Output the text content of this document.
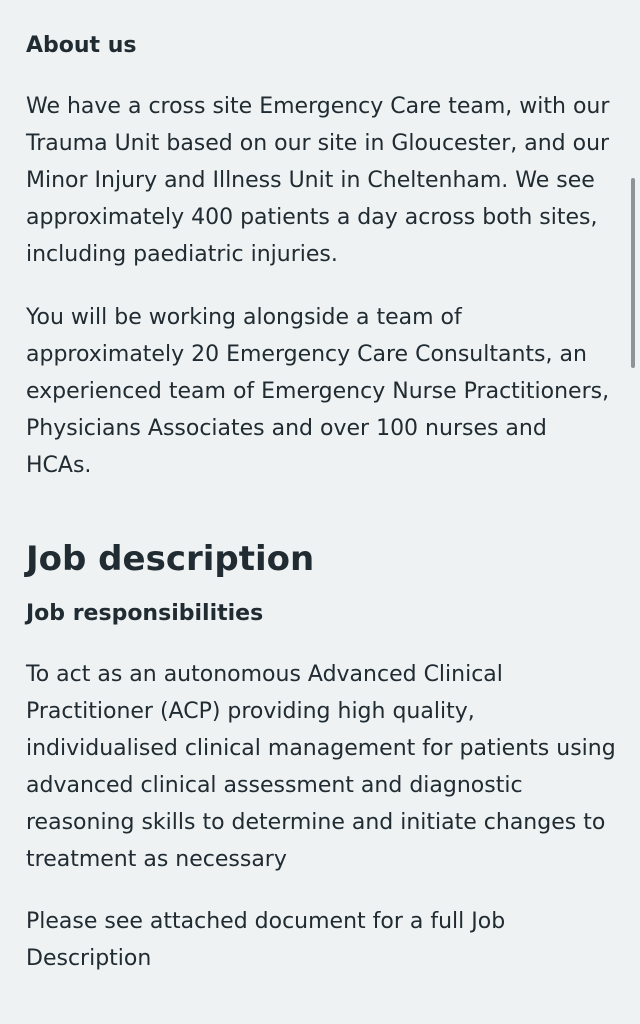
About us

We have a cross site Emergency Care team, with our Trauma Unit based on our site in Gloucester, and our Minor Injury and Illness Unit in Cheltenham. We see approximately 400 patients a day across both sites, including paediatric injuries.

You will be working alongside a team of approximately 20 Emergency Care Consultants, an experienced team of Emergency Nurse Practitioners, Physicians Associates and over 100 nurses and HCAs.

Job description
Job responsibilities

To act as an autonomous Advanced Clinical Practitioner (ACP) providing high quality, individualised clinical management for patients using advanced clinical assessment and diagnostic reasoning skills to determine and initiate changes to treatment as necessary

Please see attached document for a full Job Description
